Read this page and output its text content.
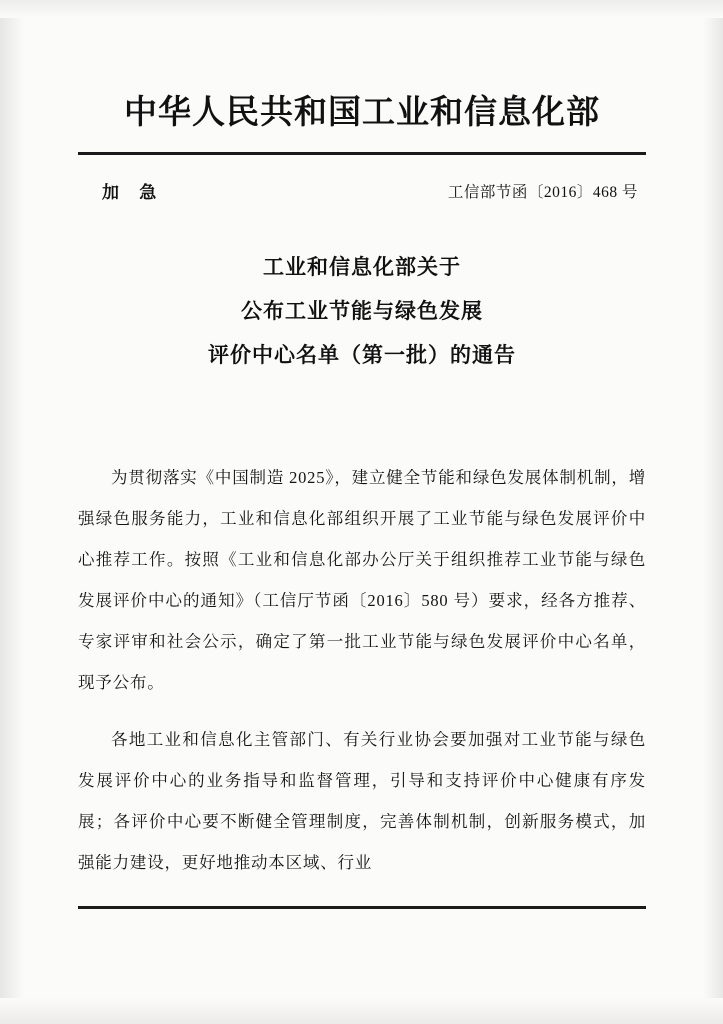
中华人民共和国工业和信息化部
加 急	工信部节函〔2016〕468 号
工业和信息化部关于
公布工业节能与绿色发展
评价中心名单（第一批）的通告

为贯彻落实《中国制造 2025》，建立健全节能和绿色发展体制机制，增强绿色服务能力，工业和信息化部组织开展了工业节能与绿色发展评价中心推荐工作。按照《工业和信息化部办公厅关于组织推荐工业节能与绿色发展评价中心的通知》（工信厅节函〔2016〕580 号）要求，经各方推荐、专家评审和社会公示，确定了第一批工业节能与绿色发展评价中心名单，现予公布。

各地工业和信息化主管部门、有关行业协会要加强对工业节能与绿色发展评价中心的业务指导和监督管理，引导和支持评价中心健康有序发展；各评价中心要不断健全管理制度，完善体制机制，创新服务模式，加强能力建设，更好地推动本区域、行业
